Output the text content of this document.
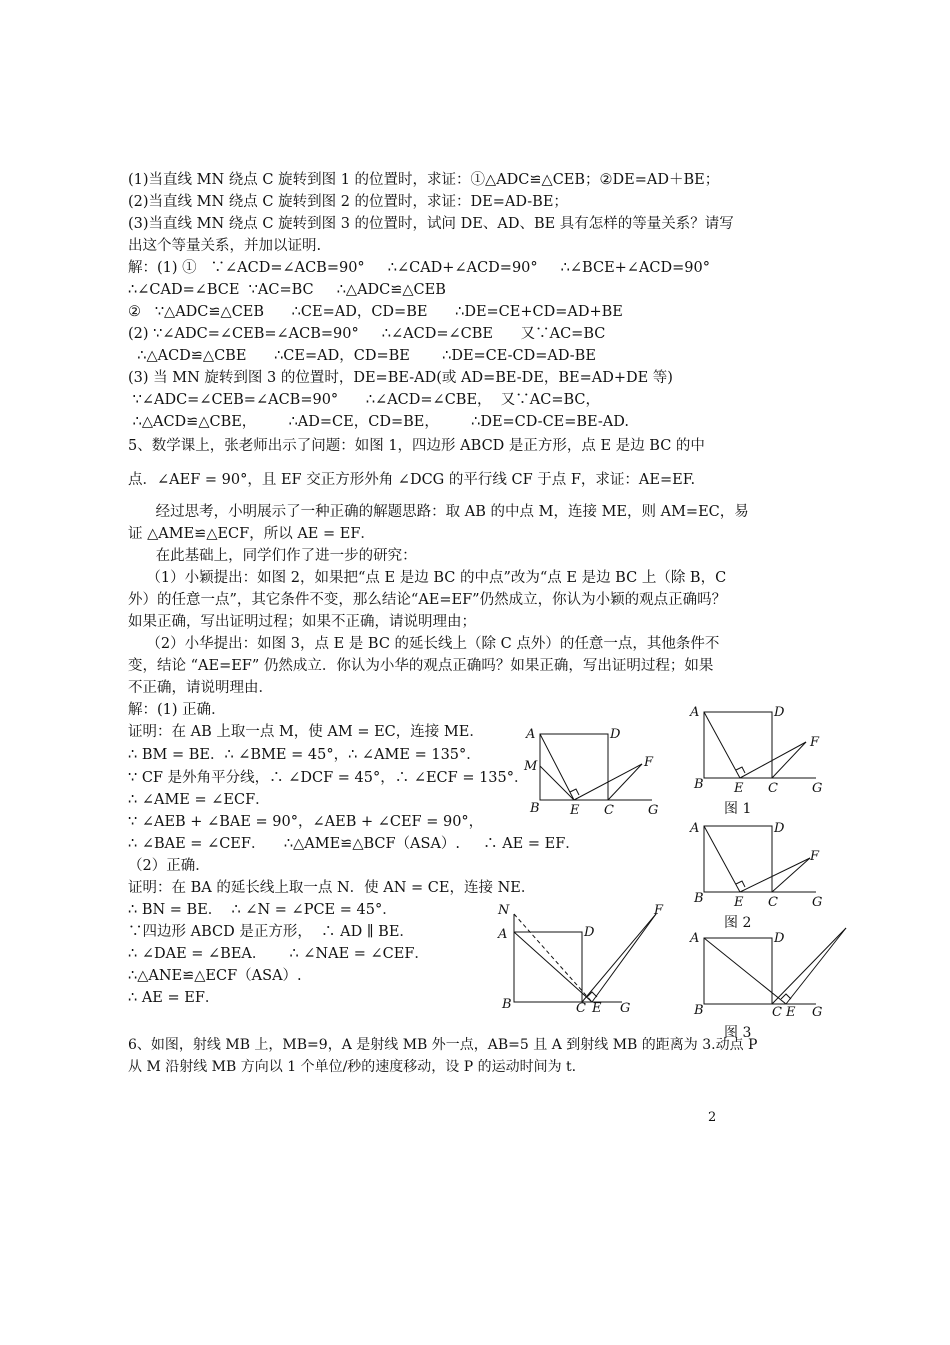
(1)当直线 MN 绕点 C 旋转到图 1 的位置时，求证：①△ADC≌△CEB；②DE=AD＋BE；
(2)当直线 MN 绕点 C 旋转到图 2 的位置时，求证：DE=AD-BE；
(3)当直线 MN 绕点 C 旋转到图 3 的位置时，试问 DE、AD、BE 具有怎样的等量关系？请写
出这个等量关系，并加以证明.
解：(1) ①   ∵∠ACD=∠ACB=90°     ∴∠CAD+∠ACD=90°     ∴∠BCE+∠ACD=90°
∴∠CAD=∠BCE  ∵AC=BC     ∴△ADC≌△CEB
②   ∵△ADC≌△CEB      ∴CE=AD，CD=BE      ∴DE=CE+CD=AD+BE
(2) ∵∠ADC=∠CEB=∠ACB=90°     ∴∠ACD=∠CBE      又∵AC=BC
∴△ACD≌△CBE      ∴CE=AD，CD=BE       ∴DE=CE-CD=AD-BE
(3) 当 MN 旋转到图 3 的位置时，DE=BE-AD(或 AD=BE-DE，BE=AD+DE 等)
∵∠ADC=∠CEB=∠ACB=90°      ∴∠ACD=∠CBE，  又∵AC=BC，
∴△ACD≌△CBE，       ∴AD=CE，CD=BE，       ∴DE=CD-CE=BE-AD.
5、数学课上，张老师出示了问题：如图 1，四边形 ABCD 是正方形，点 E 是边 BC 的中
点．∠AEF = 90°，且 EF 交正方形外角 ∠DCG 的平行线 CF 于点 F，求证：AE=EF.
经过思考，小明展示了一种正确的解题思路：取 AB 的中点 M，连接 ME，则 AM=EC，易
证 △AME≌△ECF，所以 AE = EF．
在此基础上，同学们作了进一步的研究：
（1）小颖提出：如图 2，如果把“点 E 是边 BC 的中点”改为“点 E 是边 BC 上（除 B，C
外）的任意一点”，其它条件不变，那么结论“AE=EF”仍然成立，你认为小颖的观点正确吗？
如果正确，写出证明过程；如果不正确，请说明理由；
（2）小华提出：如图 3，点 E 是 BC 的延长线上（除 C 点外）的任意一点，其他条件不
变，结论 “AE=EF” 仍然成立．你认为小华的观点正确吗？如果正确，写出证明过程；如果
不正确，请说明理由．
解：(1) 正确．
证明：在 AB 上取一点 M，使 AM = EC，连接 ME．
∴ BM = BE．∴ ∠BME = 45°，∴ ∠AME = 135°．
∵ CF 是外角平分线，∴ ∠DCF = 45°，∴ ∠ECF = 135°．
∴ ∠AME = ∠ECF．
∵ ∠AEB + ∠BAE = 90°，∠AEB + ∠CEF = 90°，
∴ ∠BAE = ∠CEF．    ∴△AME≌△BCF（ASA）.     ∴ AE = EF．
（2）正确．
证明：在 BA 的延长线上取一点 N．使 AN = CE，连接 NE．
∴ BN = BE．  ∴ ∠N = ∠PCE = 45°．
∵四边形 ABCD 是正方形，  ∴ AD ∥ BE．
∴ ∠DAE = ∠BEA．     ∴ ∠NAE = ∠CEF．
∴△ANE≌△ECF（ASA）.
∴ AE = EF．
6、如图，射线 MB 上，MB=9，A 是射线 MB 外一点，AB=5 且 A 到射线 MB 的距离为 3.动点 P
从 M 沿射线 MB 方向以 1 个单位/秒的速度移动，设 P 的运动时间为 t.
A	D
M	F
B E C	G
N
A	D
F
B	C E G
A	D
F
B E C	G
图 1
A	D
F
B E C	G
图 2
A	D
B	C E G
图 3
2
